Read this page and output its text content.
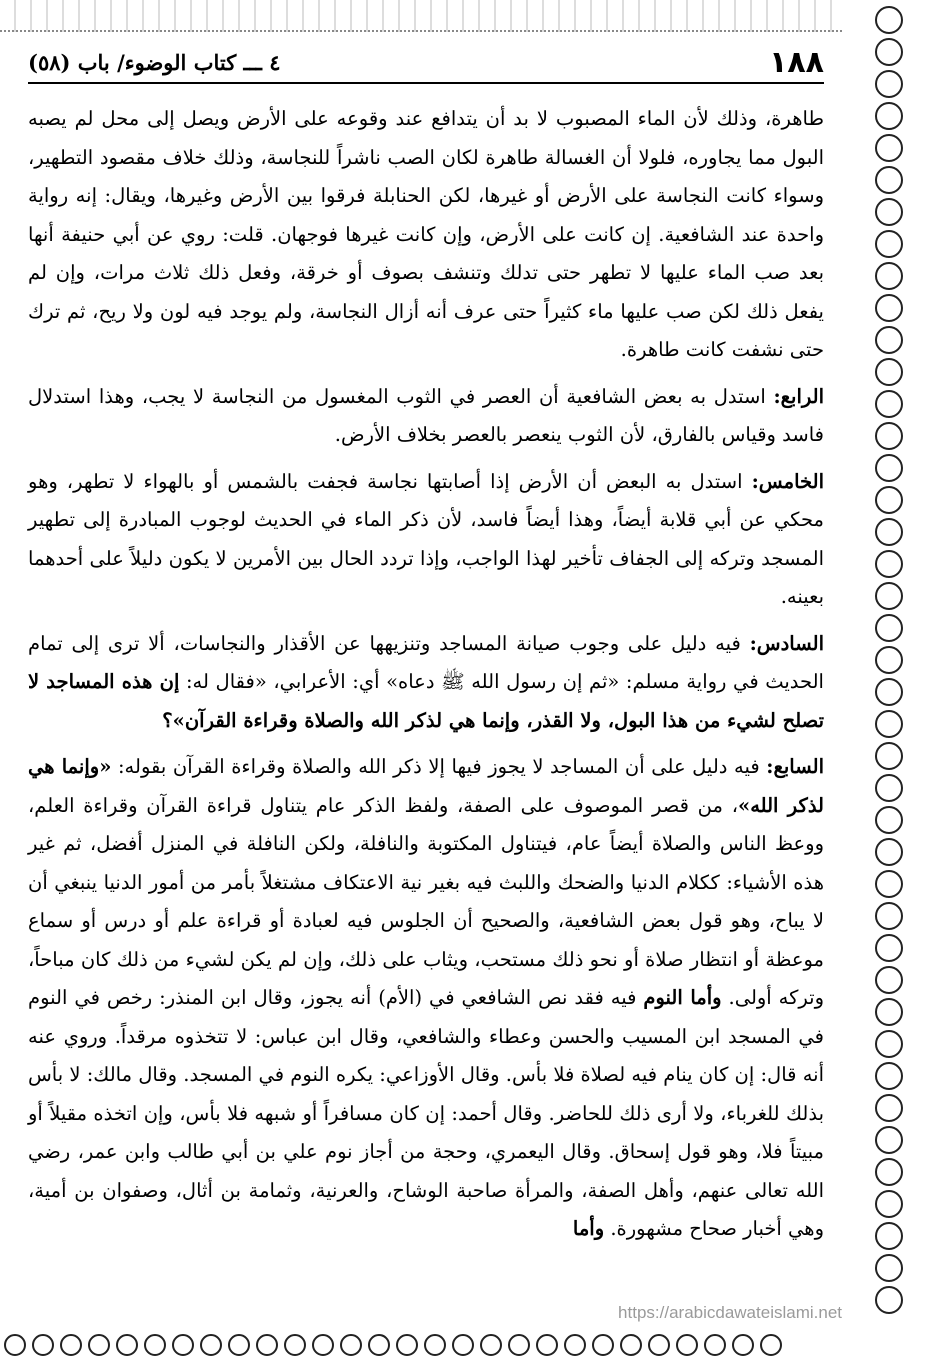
١٨٨
٤ ـــ كتاب الوضوء/ باب (٥٨)

طاهرة، وذلك لأن الماء المصبوب لا بد أن يتدافع عند وقوعه على الأرض ويصل إلى محل لم يصبه البول مما يجاوره، فلولا أن الغسالة طاهرة لكان الصب ناشراً للنجاسة، وذلك خلاف مقصود التطهير، وسواء كانت النجاسة على الأرض أو غيرها، لكن الحنابلة فرقوا بين الأرض وغيرها، ويقال: إنه رواية واحدة عند الشافعية. إن كانت على الأرض، وإن كانت غيرها فوجهان. قلت: روي عن أبي حنيفة أنها بعد صب الماء عليها لا تطهر حتى تدلك وتنشف بصوف أو خرقة، وفعل ذلك ثلاث مرات، وإن لم يفعل ذلك لكن صب عليها ماء كثيراً حتى عرف أنه أزال النجاسة، ولم يوجد فيه لون ولا ريح، ثم ترك حتى نشفت كانت طاهرة.

الرابع: استدل به بعض الشافعية أن العصر في الثوب المغسول من النجاسة لا يجب، وهذا استدلال فاسد وقياس بالفارق، لأن الثوب ينعصر بالعصر بخلاف الأرض.

الخامس: استدل به البعض أن الأرض إذا أصابتها نجاسة فجفت بالشمس أو بالهواء لا تطهر، وهو محكي عن أبي قلابة أيضاً، وهذا أيضاً فاسد، لأن ذكر الماء في الحديث لوجوب المبادرة إلى تطهير المسجد وتركه إلى الجفاف تأخير لهذا الواجب، وإذا تردد الحال بين الأمرين لا يكون دليلاً على أحدهما بعينه.

السادس: فيه دليل على وجوب صيانة المساجد وتنزيهها عن الأقذار والنجاسات، ألا ترى إلى تمام الحديث في رواية مسلم: «ثم إن رسول الله ﷺ دعاه» أي: الأعرابي، «فقال له: إن هذه المساجد لا تصلح لشيء من هذا البول، ولا القذر، وإنما هي لذكر الله والصلاة وقراءة القرآن»؟

السابع: فيه دليل على أن المساجد لا يجوز فيها إلا ذكر الله والصلاة وقراءة القرآن بقوله: «وإنما هي لذكر الله»، من قصر الموصوف على الصفة، ولفظ الذكر عام يتناول قراءة القرآن وقراءة العلم، ووعظ الناس والصلاة أيضاً عام، فيتناول المكتوبة والنافلة، ولكن النافلة في المنزل أفضل، ثم غير هذه الأشياء: ككلام الدنيا والضحك واللبث فيه بغير نية الاعتكاف مشتغلاً بأمر من أمور الدنيا ينبغي أن لا يباح، وهو قول بعض الشافعية، والصحيح أن الجلوس فيه لعبادة أو قراءة علم أو درس أو سماع موعظة أو انتظار صلاة أو نحو ذلك مستحب، ويثاب على ذلك، وإن لم يكن لشيء من ذلك كان مباحاً، وتركه أولى. وأما النوم فيه فقد نص الشافعي في (الأم) أنه يجوز، وقال ابن المنذر: رخص في النوم في المسجد ابن المسيب والحسن وعطاء والشافعي، وقال ابن عباس: لا تتخذوه مرقداً. وروي عنه أنه قال: إن كان ينام فيه لصلاة فلا بأس. وقال الأوزاعي: يكره النوم في المسجد. وقال مالك: لا بأس بذلك للغرباء، ولا أرى ذلك للحاضر. وقال أحمد: إن كان مسافراً أو شبهه فلا بأس، وإن اتخذه مقيلاً أو مبيتاً فلا، وهو قول إسحاق. وقال اليعمري، وحجة من أجاز نوم علي بن أبي طالب وابن عمر، رضي الله تعالى عنهم، وأهل الصفة، والمرأة صاحبة الوشاح، والعرنية، وثمامة بن أثال، وصفوان بن أمية، وهي أخبار صحاح مشهورة. وأما

https://arabicdawateislami.net
